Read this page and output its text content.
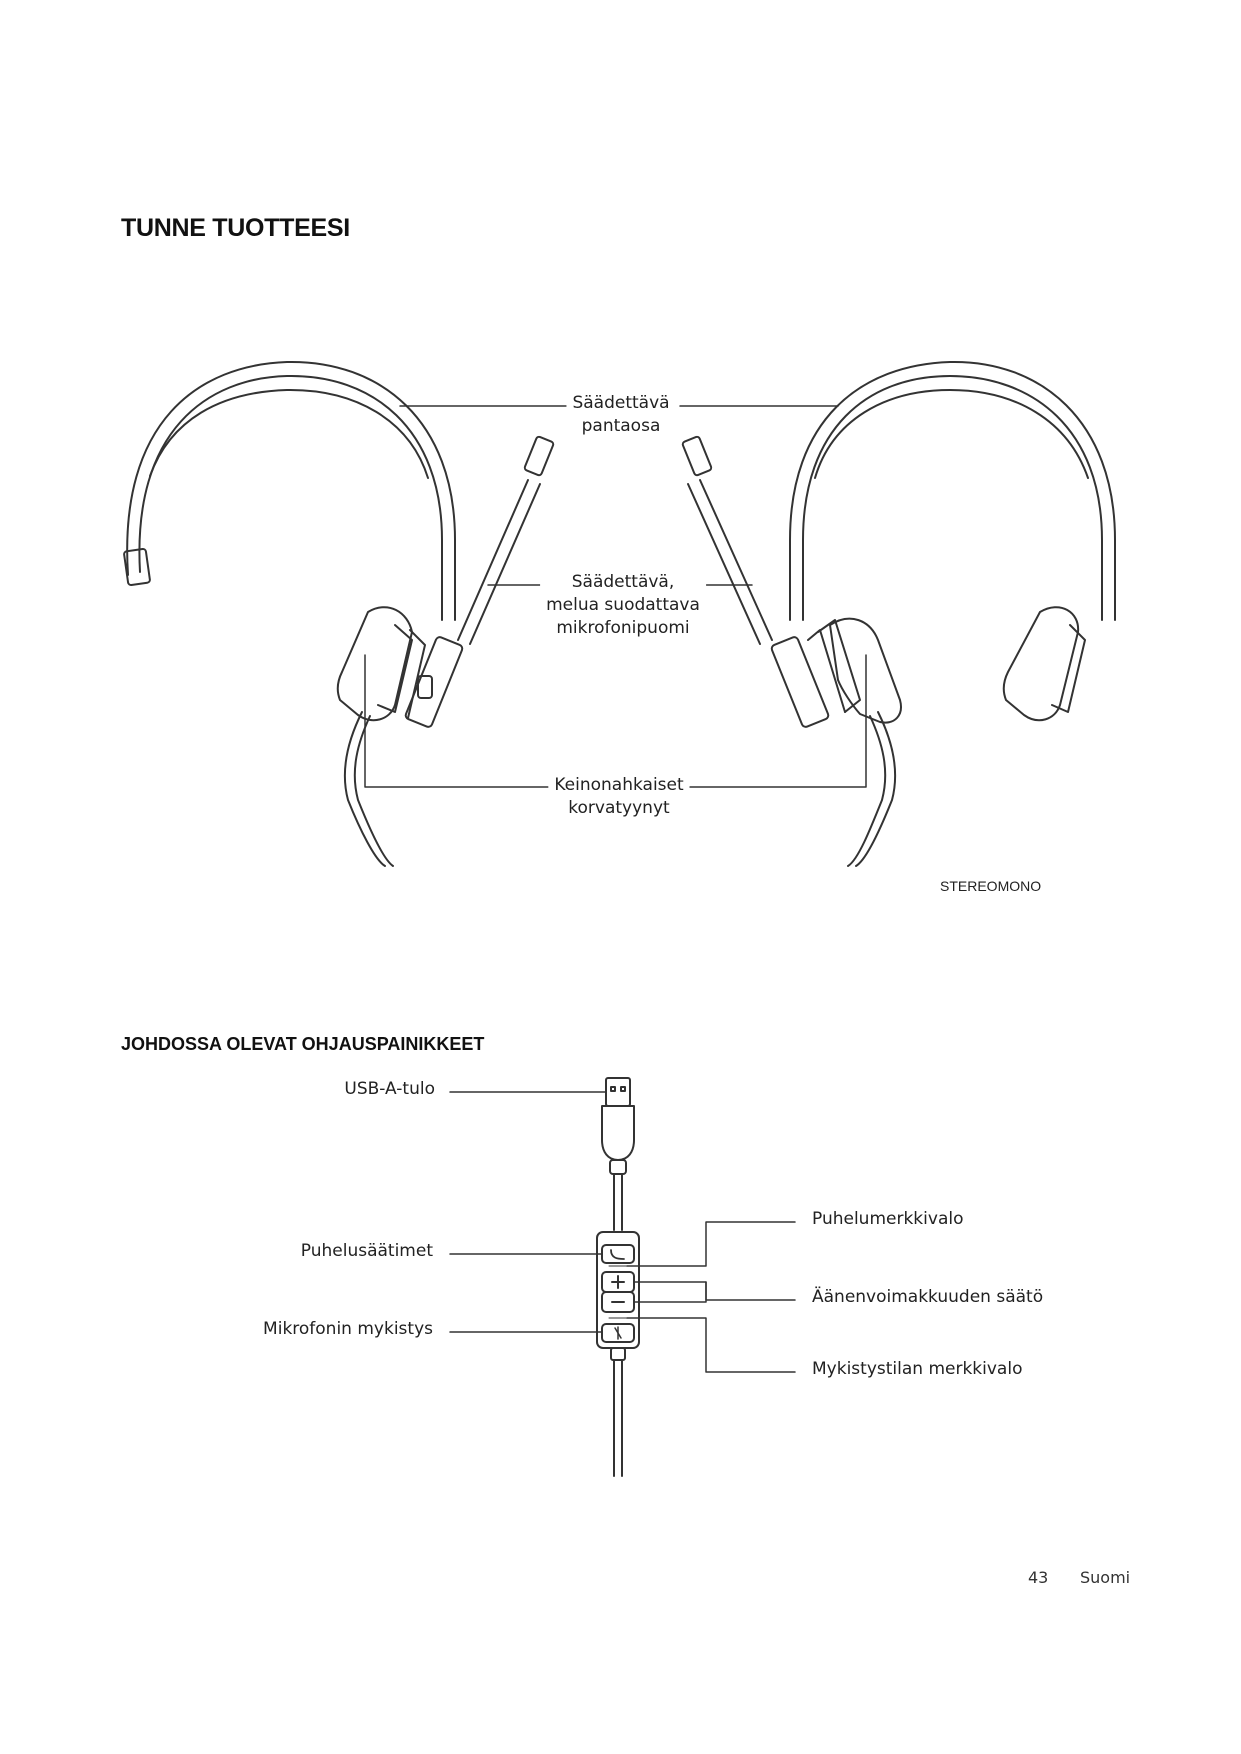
TUNNE TUOTTEESI
Säädettävä
pantaosa
Säädettävä,
melua suodattava
mikrofonipuomi
Keinonahkaiset
korvatyynyt
STEREOMONO
JOHDOSSA OLEVAT OHJAUSPAINIKKEET
USB-A-tulo
Puhelusäätimet
Mikrofonin mykistys
Puhelumerkkivalo
Äänenvoimakkuuden säätö
Mykistystilan merkkivalo
43 Suomi
